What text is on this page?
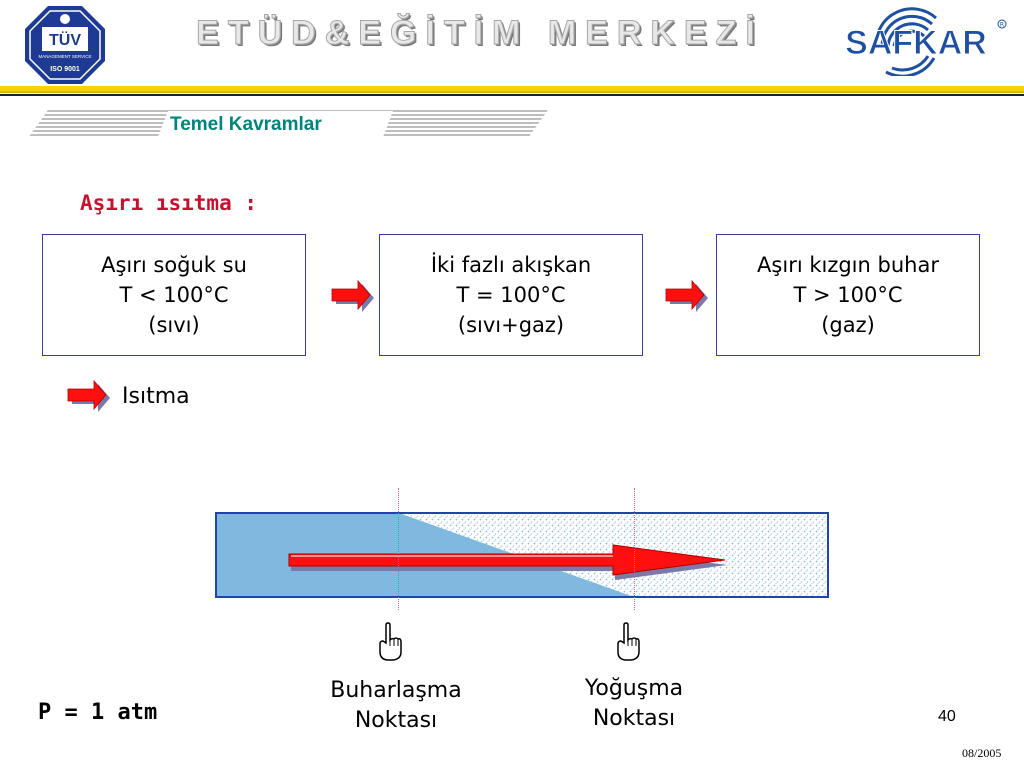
TÜV
MANAGEMENT SERVICE
ISO 9001
ETÜD&EĞİTİM MERKEZİ	SAFKAR R
Temel Kavramlar
Aşırı ısıtma :
Aşırı soğuk su
T < 100°C
(sıvı)
İki fazlı akışkan
T = 100°C
(sıvı+gaz)
Aşırı kızgın buhar
T > 100°C
(gaz)
Isıtma
Buharlaşma
Noktası
Yoğuşma
Noktası
P = 1 atm	40
08/2005
